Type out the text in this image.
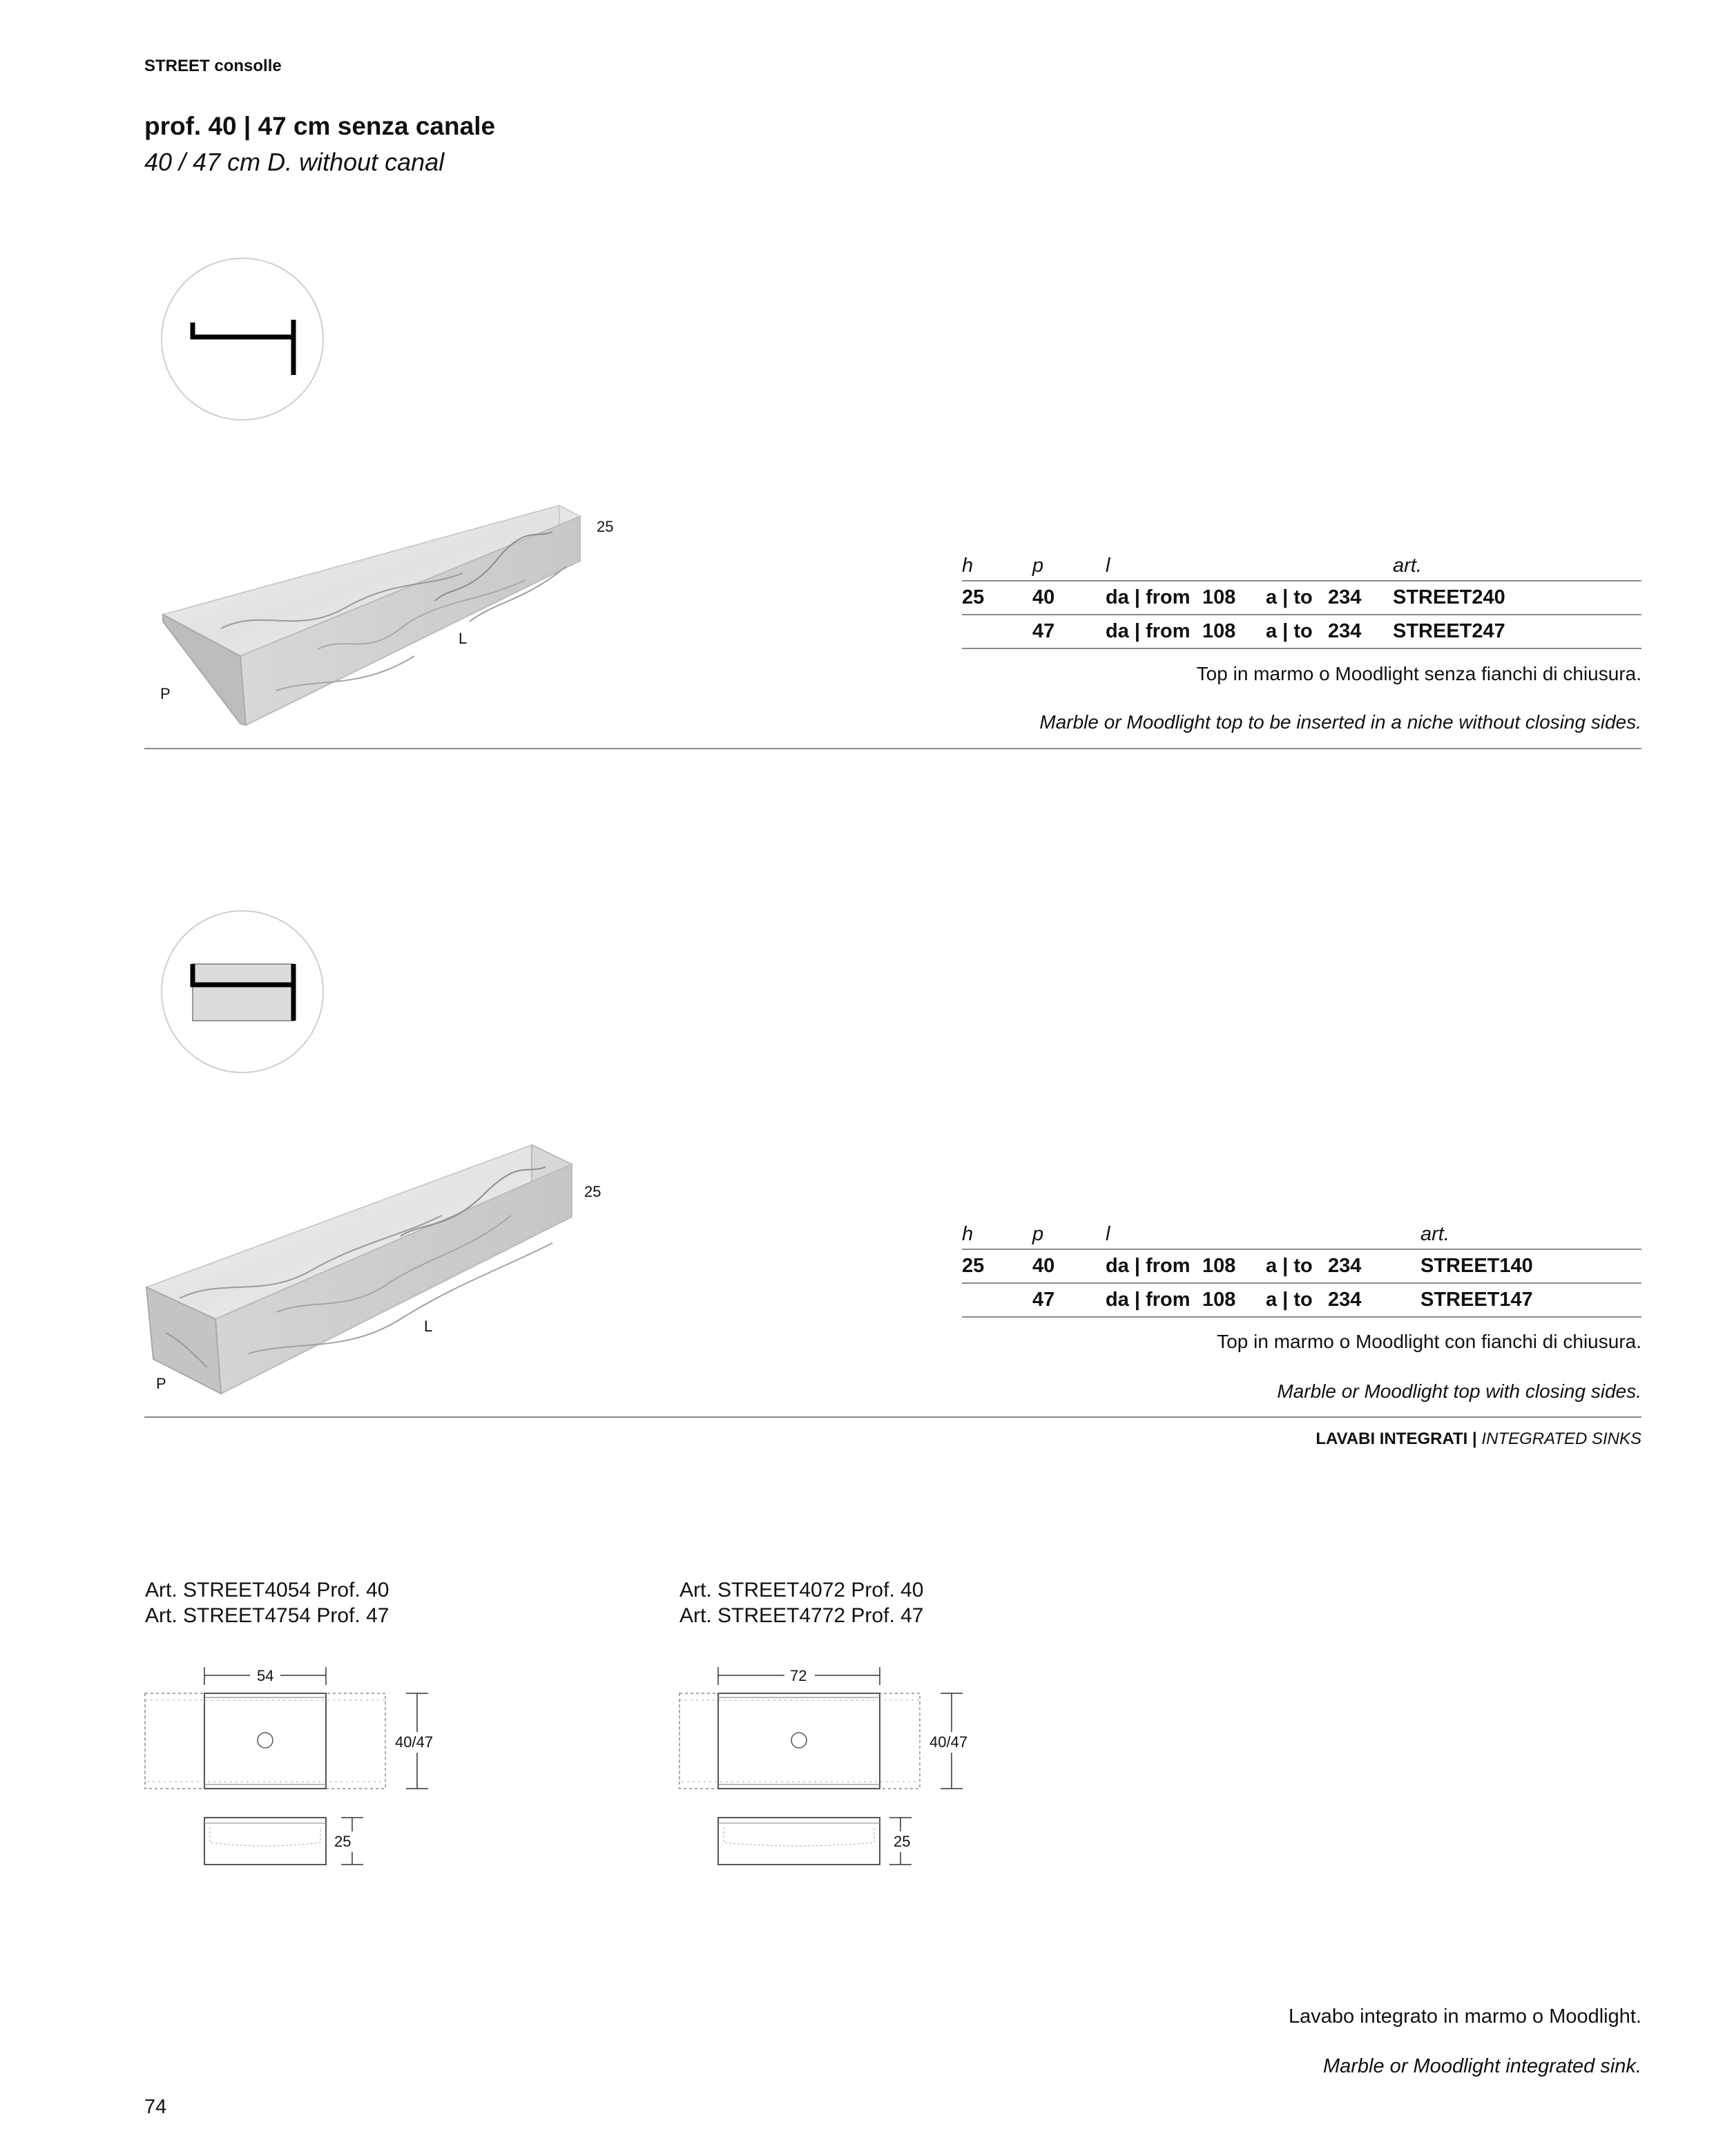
STREET consolle
prof. 40 | 47 cm senza canale
40 / 47 cm D. without canal
25
L
P
h	p	l				art.
25	40	da | from	108	a | to	234	STREET240
	47	da | from	108	a | to	234	STREET247
Top in marmo o Moodlight senza fianchi di chiusura.
Marble or Moodlight top to be inserted in a niche without closing sides.
25
L
P
h	p	l				art.
25	40	da | from	108	a | to	234	STREET140
	47	da | from	108	a | to	234	STREET147
Top in marmo o Moodlight con fianchi di chiusura.
Marble or Moodlight top with closing sides.
LAVABI INTEGRATI | INTEGRATED SINKS
Art. STREET4054 Prof. 40
Art. STREET4754 Prof. 47
54
40/47
25
Art. STREET4072 Prof. 40
Art. STREET4772 Prof. 47
72
40/47
25
Lavabo integrato in marmo o Moodlight.
Marble or Moodlight integrated sink.
74
